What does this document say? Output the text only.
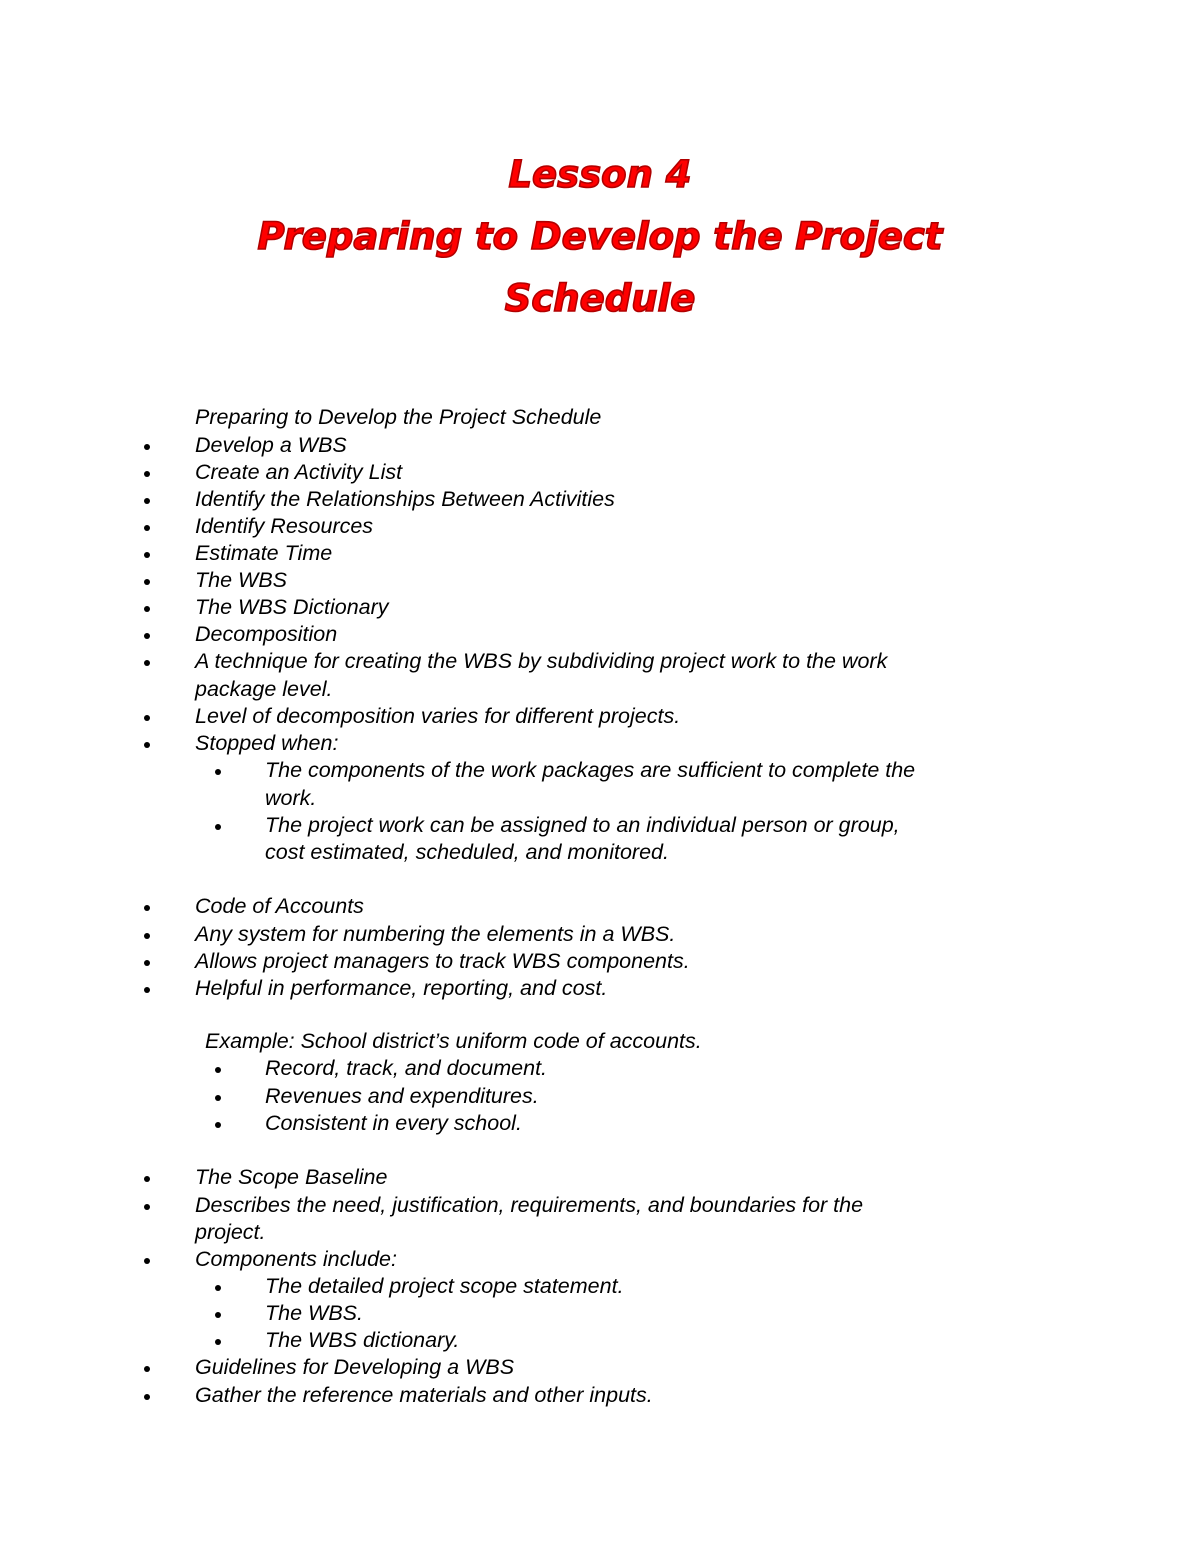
Lesson 4
Preparing to Develop the Project
Schedule
Preparing to Develop the Project Schedule
Develop a WBS
Create an Activity List
Identify the Relationships Between Activities
Identify Resources
Estimate Time
The WBS
The WBS Dictionary
Decomposition
A technique for creating the WBS by subdividing project work to the work
package level.
Level of decomposition varies for different projects.
Stopped when:
The components of the work packages are sufficient to complete the
work.
The project work can be assigned to an individual person or group,
cost estimated, scheduled, and monitored.
Code of Accounts
Any system for numbering the elements in a WBS.
Allows project managers to track WBS components.
Helpful in performance, reporting, and cost.
Example: School district’s uniform code of accounts.
Record, track, and document.
Revenues and expenditures.
Consistent in every school.
The Scope Baseline
Describes the need, justification, requirements, and boundaries for the
project.
Components include:
The detailed project scope statement.
The WBS.
The WBS dictionary.
Guidelines for Developing a WBS
Gather the reference materials and other inputs.
